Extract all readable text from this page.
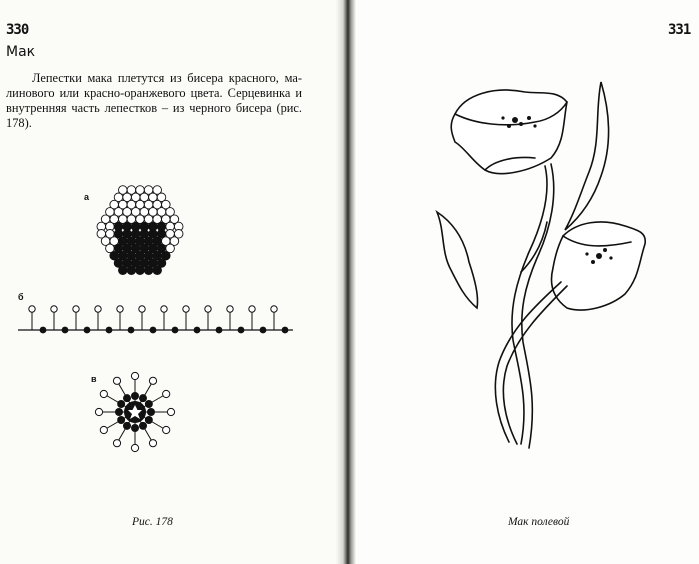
330	331
Мак

Лепестки мака плетутся из бисера красного, малинового или красно-оранжевого цвета. Серцевинка и внутренняя часть лепестков – из черного бисера (рис. 178).

а
б
в
Рис. 178	Мак полевой
